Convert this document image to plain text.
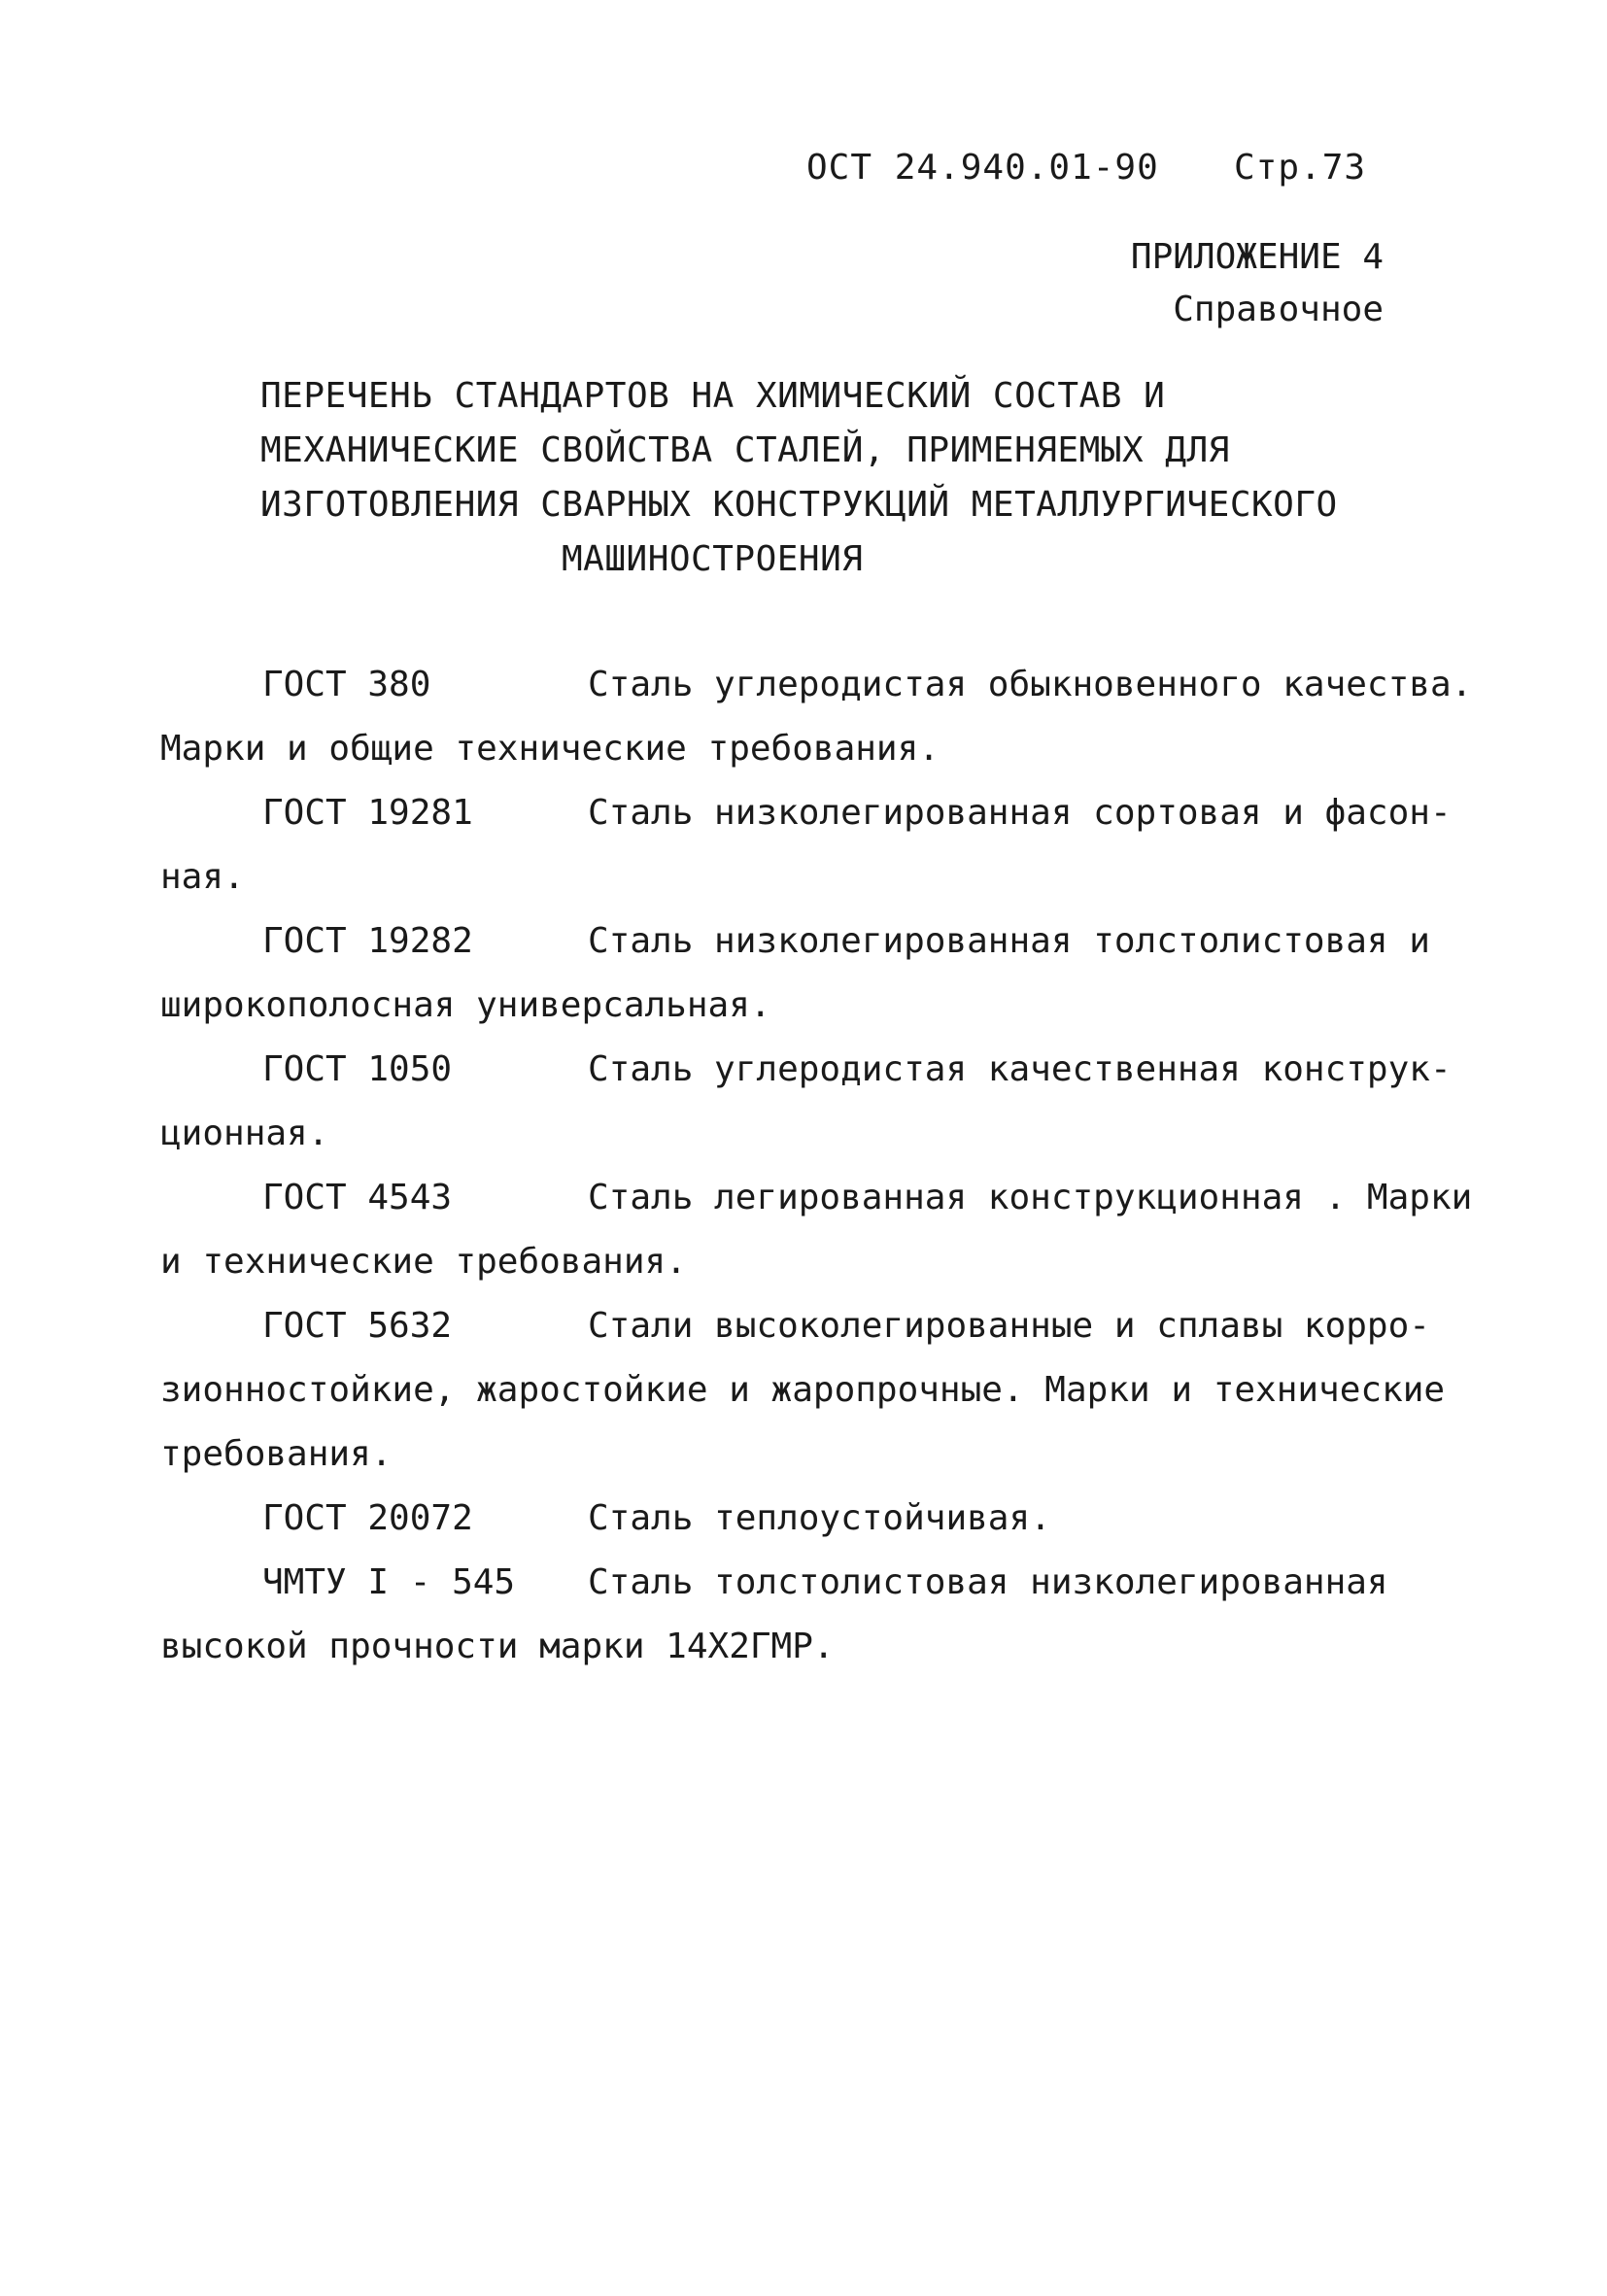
ОСТ 24.940.01-90 Стр.73
ПРИЛОЖЕНИЕ 4
Справочное
ПЕРЕЧЕНЬ СТАНДАРТОВ НА ХИМИЧЕСКИЙ СОСТАВ И
МЕХАНИЧЕСКИЕ СВОЙСТВА СТАЛЕЙ, ПРИМЕНЯЕМЫХ ДЛЯ
ИЗГОТОВЛЕНИЯ СВАРНЫХ КОНСТРУКЦИЙ МЕТАЛЛУРГИЧЕСКОГО
МАШИНОСТРОЕНИЯ
ГОСТ 380	Сталь углеродистая обыкновенного качества.
Марки и общие технические требования.
ГОСТ 19281	Сталь низколегированная сортовая и фасон-
ная.
ГОСТ 19282	Сталь низколегированная толстолистовая и
широкополосная универсальная.
ГОСТ 1050	Сталь углеродистая качественная конструк-
ционная.
ГОСТ 4543	Сталь легированная конструкционная . Марки
и технические требования.
ГОСТ 5632	Стали высоколегированные и сплавы корро-
зионностойкие, жаростойкие и жаропрочные. Марки и технические
требования.
ГОСТ 20072	Сталь теплоустойчивая.
ЧМТУ I - 545 Сталь толстолистовая низколегированная
высокой прочности марки 14Х2ГМР.
